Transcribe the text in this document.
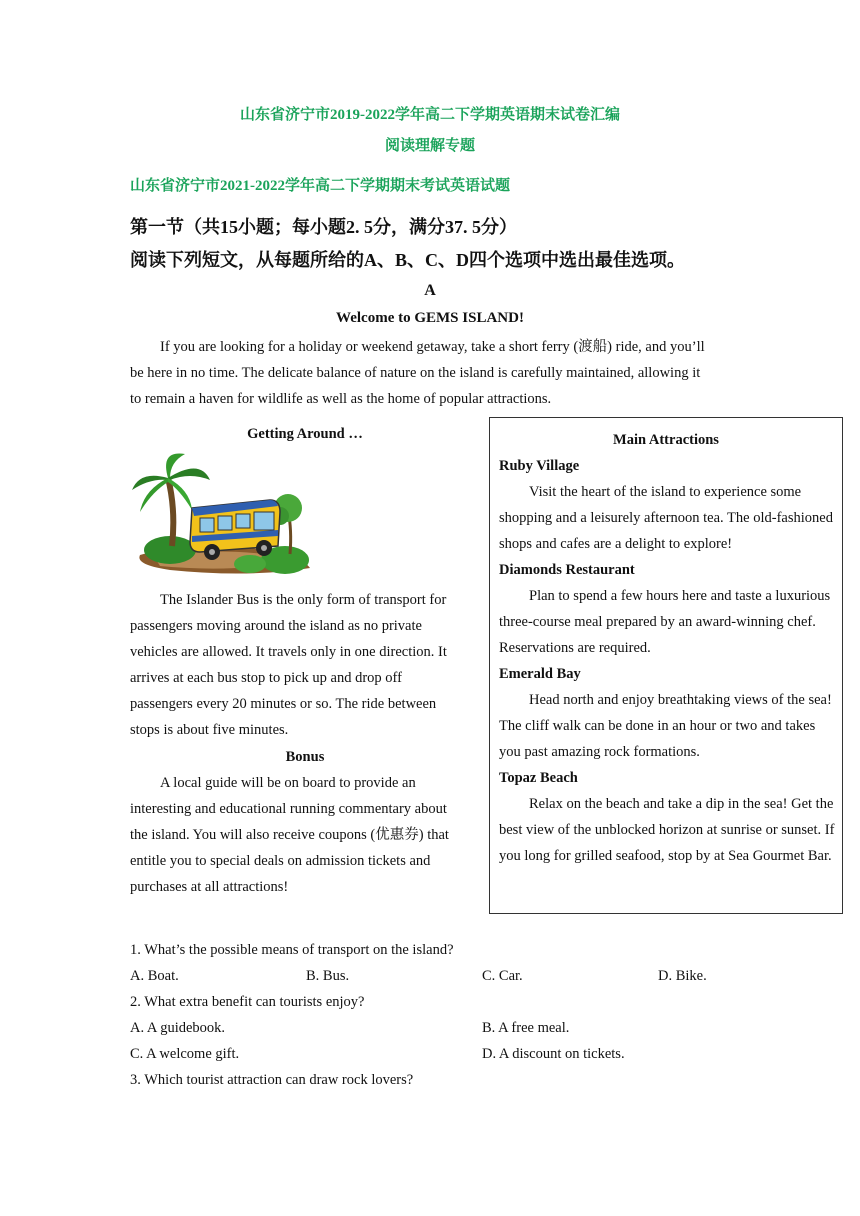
山东省济宁市2019-2022学年高二下学期英语期末试卷汇编
阅读理解专题
山东省济宁市2021-2022学年高二下学期期末考试英语试题
第一节（共15小题；每小题2. 5分，满分37. 5分）
阅读下列短文，从每题所给的A、B、C、D四个选项中选出最佳选项。
A
Welcome to GEMS ISLAND!
If you are looking for a holiday or weekend getaway, take a short ferry (渡船) ride, and you’ll be here in no time. The delicate balance of nature on the island is carefully maintained, allowing it to remain a haven for wildlife as well as the home of popular attractions.
Getting Around …
The Islander Bus is the only form of transport for passengers moving around the island as no private vehicles are allowed. It travels only in one direction. It arrives at each bus stop to pick up and drop off passengers every 20 minutes or so. The ride between stops is about five minutes.
Bonus
A local guide will be on board to provide an interesting and educational running commentary about the island. You will also receive coupons (优惠券) that entitle you to special deals on admission tickets and purchases at all attractions!
Main Attractions
Ruby Village
Visit the heart of the island to experience some shopping and a leisurely afternoon tea. The old-fashioned shops and cafes are a delight to explore!
Diamonds Restaurant
Plan to spend a few hours here and taste a luxurious three-course meal prepared by an award-winning chef. Reservations are required.
Emerald Bay
Head north and enjoy breathtaking views of the sea! The cliff walk can be done in an hour or two and takes you past amazing rock formations.
Topaz Beach
Relax on the beach and take a dip in the sea! Get the best view of the unblocked horizon at sunrise or sunset. If you long for grilled seafood, stop by at Sea Gourmet Bar.
1. What’s the possible means of transport on the island?
A. Boat.	B. Bus.	C. Car.	D. Bike.
2. What extra benefit can tourists enjoy?
A. A guidebook.	B. A free meal.
C. A welcome gift.	D. A discount on tickets.
3. Which tourist attraction can draw rock lovers?
